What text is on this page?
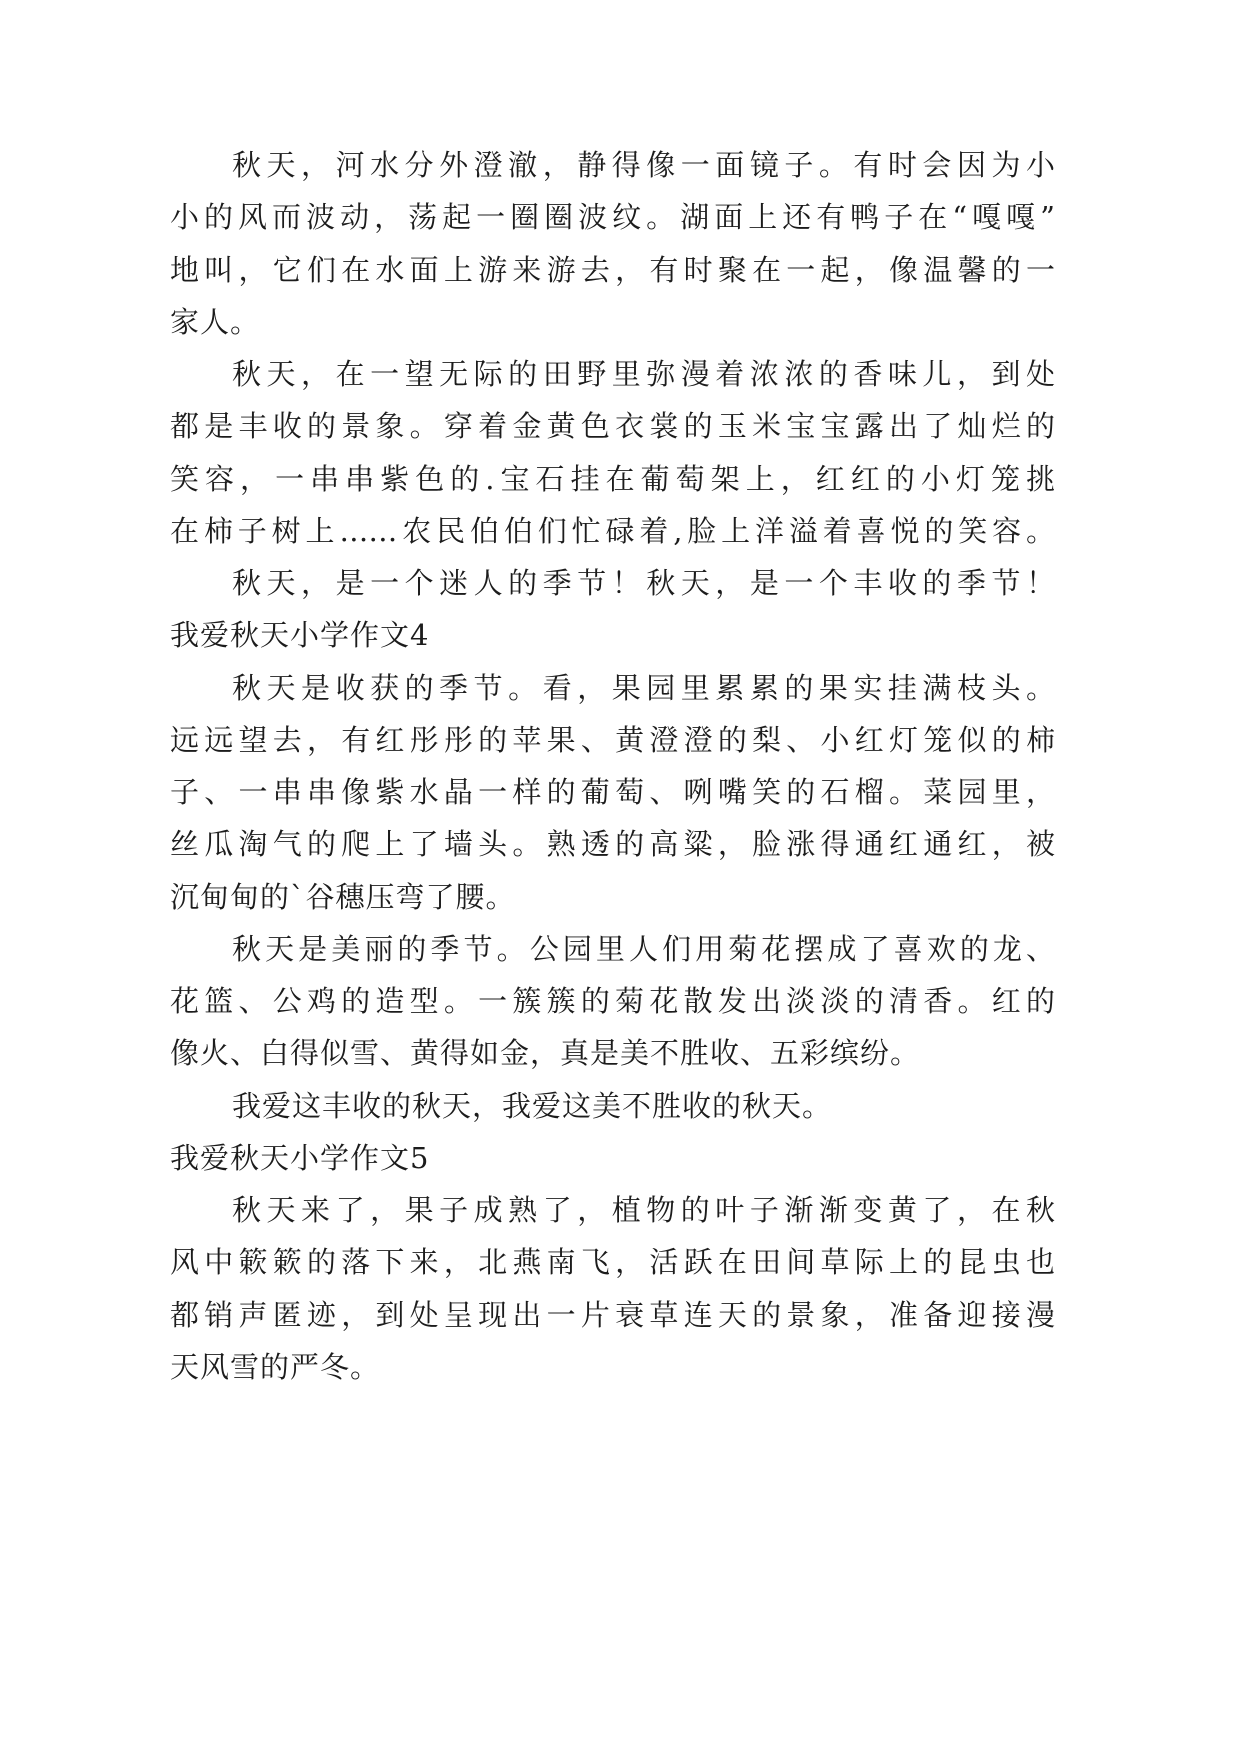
秋天，河水分外澄澈，静得像一面镜子。有时会因为小
小的风而波动，荡起一圈圈波纹。湖面上还有鸭子在“嘎嘎”
地叫，它们在水面上游来游去，有时聚在一起，像温馨的一
家人。
秋天，在一望无际的田野里弥漫着浓浓的香味儿，到处
都是丰收的景象。穿着金黄色衣裳的玉米宝宝露出了灿烂的
笑容，一串串紫色的.宝石挂在葡萄架上，红红的小灯笼挑
在柿子树上……农民伯伯们忙碌着,脸上洋溢着喜悦的笑容。
秋天，是一个迷人的季节！秋天，是一个丰收的季节！
我爱秋天小学作文4
秋天是收获的季节。看，果园里累累的果实挂满枝头。
远远望去，有红彤彤的苹果、黄澄澄的梨、小红灯笼似的柿
子、一串串像紫水晶一样的葡萄、咧嘴笑的石榴。菜园里，
丝瓜淘气的爬上了墙头。熟透的高粱，脸涨得通红通红，被
沉甸甸的`谷穗压弯了腰。
秋天是美丽的季节。公园里人们用菊花摆成了喜欢的龙、
花篮、公鸡的造型。一簇簇的菊花散发出淡淡的清香。红的
像火、白得似雪、黄得如金，真是美不胜收、五彩缤纷。
我爱这丰收的秋天，我爱这美不胜收的秋天。
我爱秋天小学作文5
秋天来了，果子成熟了，植物的叶子渐渐变黄了，在秋
风中簌簌的落下来，北燕南飞，活跃在田间草际上的昆虫也
都销声匿迹，到处呈现出一片衰草连天的景象，准备迎接漫
天风雪的严冬。
